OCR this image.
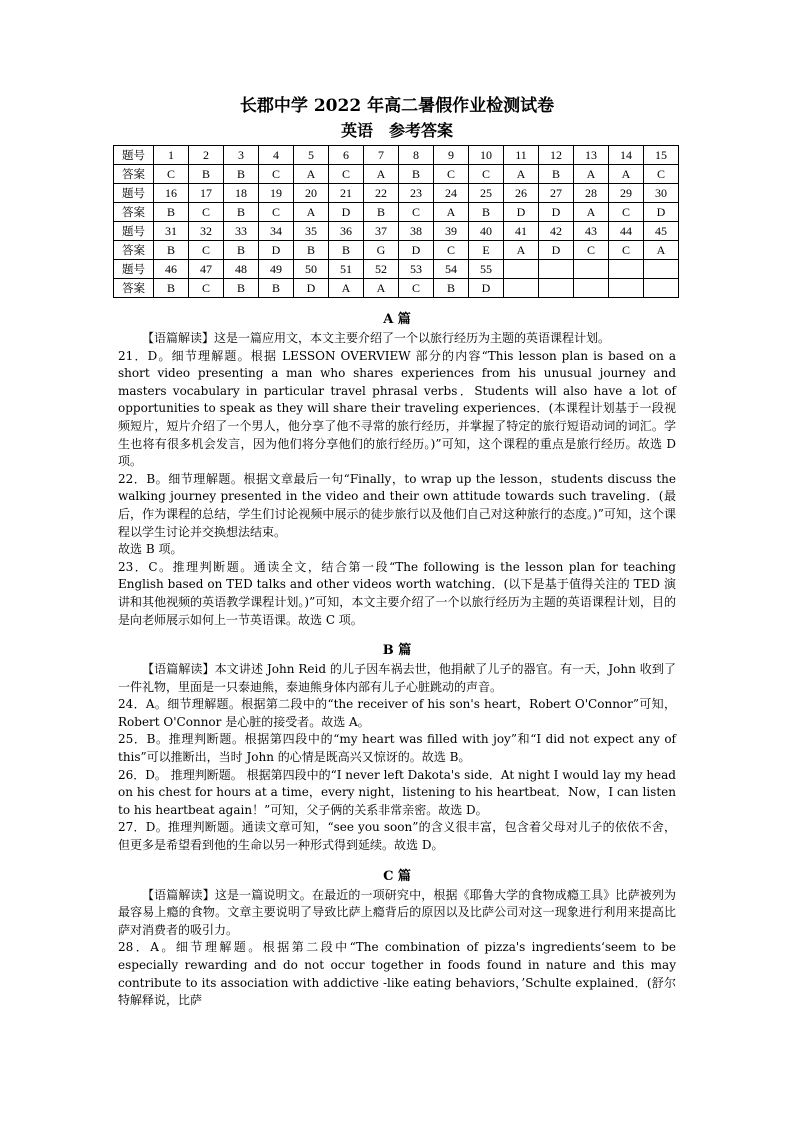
长郡中学 2022 年高二暑假作业检测试卷
英语　参考答案
题号	1	2	3	4	5	6	7	8	9	10	11	12	13	14	15
答案	C	B	B	C	A	C	A	B	C	C	A	B	A	A	C
题号	16	17	18	19	20	21	22	23	24	25	26	27	28	29	30
答案	B	C	B	C	A	D	B	C	A	B	D	D	A	C	D
题号	31	32	33	34	35	36	37	38	39	40	41	42	43	44	45
答案	B	C	B	D	B	B	G	D	C	E	A	D	C	C	A
题号	46	47	48	49	50	51	52	53	54	55					
答案	B	C	B	B	D	A	A	C	B	D					

A 篇

【语篇解读】这是一篇应用文，本文主要介绍了一个以旅行经历为主题的英语课程计划。

21．D。细节理解题。根据 LESSON OVERVIEW 部分的内容“This lesson plan is based on a short video presenting a man who shares experiences from his unusual journey and masters vocabulary in particular travel phrasal verbs．Students will also have a lot of opportunities to speak as they will share their traveling experiences．(本课程计划基于一段视频短片，短片介绍了一个男人，他分享了他不寻常的旅行经历，并掌握了特定的旅行短语动词的词汇。学生也将有很多机会发言，因为他们将分享他们的旅行经历。)”可知，这个课程的重点是旅行经历。故选 D 项。

22．B。细节理解题。根据文章最后一句“Finally，to wrap up the lesson，students discuss the walking journey presented in the video and their own attitude towards such traveling．(最后，作为课程的总结，学生们讨论视频中展示的徒步旅行以及他们自己对这种旅行的态度。)”可知，这个课程以学生讨论并交换想法结束。

故选 B 项。

23．C。推理判断题。通读全文，结合第一段“The following is the lesson plan for teaching English based on TED talks and other videos worth watching．(以下是基于值得关注的 TED 演讲和其他视频的英语教学课程计划。)”可知，本文主要介绍了一个以旅行经历为主题的英语课程计划，目的是向老师展示如何上一节英语课。故选 C 项。

B 篇

【语篇解读】本文讲述 John Reid 的儿子因车祸去世，他捐献了儿子的器官。有一天，John 收到了一件礼物，里面是一只泰迪熊，泰迪熊身体内部有儿子心脏跳动的声音。

24．A。细节理解题。根据第二段中的“the receiver of his son's heart，Robert O'Connor”可知，Robert O'Connor 是心脏的接受者。故选 A。

25．B。推理判断题。根据第四段中的“my heart was filled with joy”和“I did not expect any of this”可以推断出，当时 John 的心情是既高兴又惊讶的。故选 B。

26．D。 推理判断题。 根据第四段中的“I never left Dakota's side．At night I would lay my head on his chest for hours at a time，every night，listening to his heartbeat．Now，I can listen to his heartbeat again！”可知，父子俩的关系非常亲密。故选 D。

27．D。推理判断题。通读文章可知，“see you soon”的含义很丰富，包含着父母对儿子的依依不舍，但更多是希望看到他的生命以另一种形式得到延续。故选 D。

C 篇

【语篇解读】这是一篇说明文。在最近的一项研究中，根据《耶鲁大学的食物成瘾工具》比萨被列为最容易上瘾的食物。文章主要说明了导致比萨上瘾背后的原因以及比萨公司对这一现象进行利用来提高比萨对消费者的吸引力。

28．A。细节理解题。根据第二段中“The combination of pizza's ingredients‘seem to be especially rewarding and do not occur together in foods found in nature and this may contribute to its association with addictive -like eating behaviors，’Schulte explained．(舒尔特解释说，比萨
